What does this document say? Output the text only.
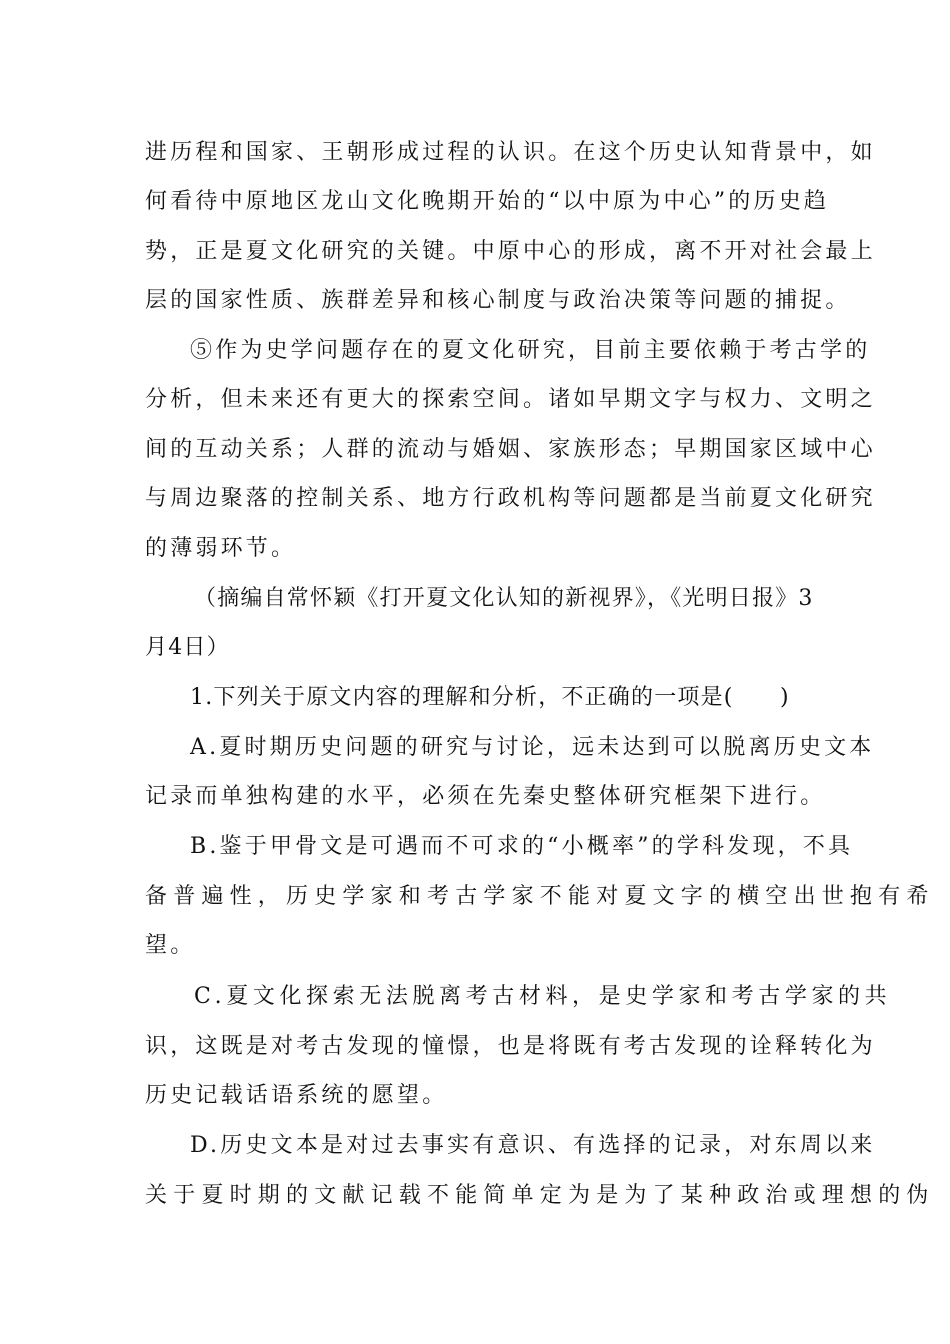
进历程和国家、王朝形成过程的认识。在这个历史认知背景中，如
何看待中原地区龙山文化晚期开始的“以中原为中心”的历史趋
势，正是夏文化研究的关键。中原中心的形成，离不开对社会最上
层的国家性质、族群差异和核心制度与政治决策等问题的捕捉。
⑤作为史学问题存在的夏文化研究，目前主要依赖于考古学的
分析，但未来还有更大的探索空间。诸如早期文字与权力、文明之
间的互动关系；人群的流动与婚姻、家族形态；早期国家区域中心
与周边聚落的控制关系、地方行政机构等问题都是当前夏文化研究
的薄弱环节。
（摘编自常怀颖《打开夏文化认知的新视界》，《光明日报》3
月4日）
1.下列关于原文内容的理解和分析，不正确的一项是(　　)
A.夏时期历史问题的研究与讨论，远未达到可以脱离历史文本
记录而单独构建的水平，必须在先秦史整体研究框架下进行。
B.鉴于甲骨文是可遇而不可求的“小概率”的学科发现，不具
备普遍性，历史学家和考古学家不能对夏文字的横空出世抱有希
望。
C.夏文化探索无法脱离考古材料，是史学家和考古学家的共
识，这既是对考古发现的憧憬，也是将既有考古发现的诠释转化为
历史记载话语系统的愿望。
D.历史文本是对过去事实有意识、有选择的记录，对东周以来
关于夏时期的文献记载不能简单定为是为了某种政治或理想的伪
